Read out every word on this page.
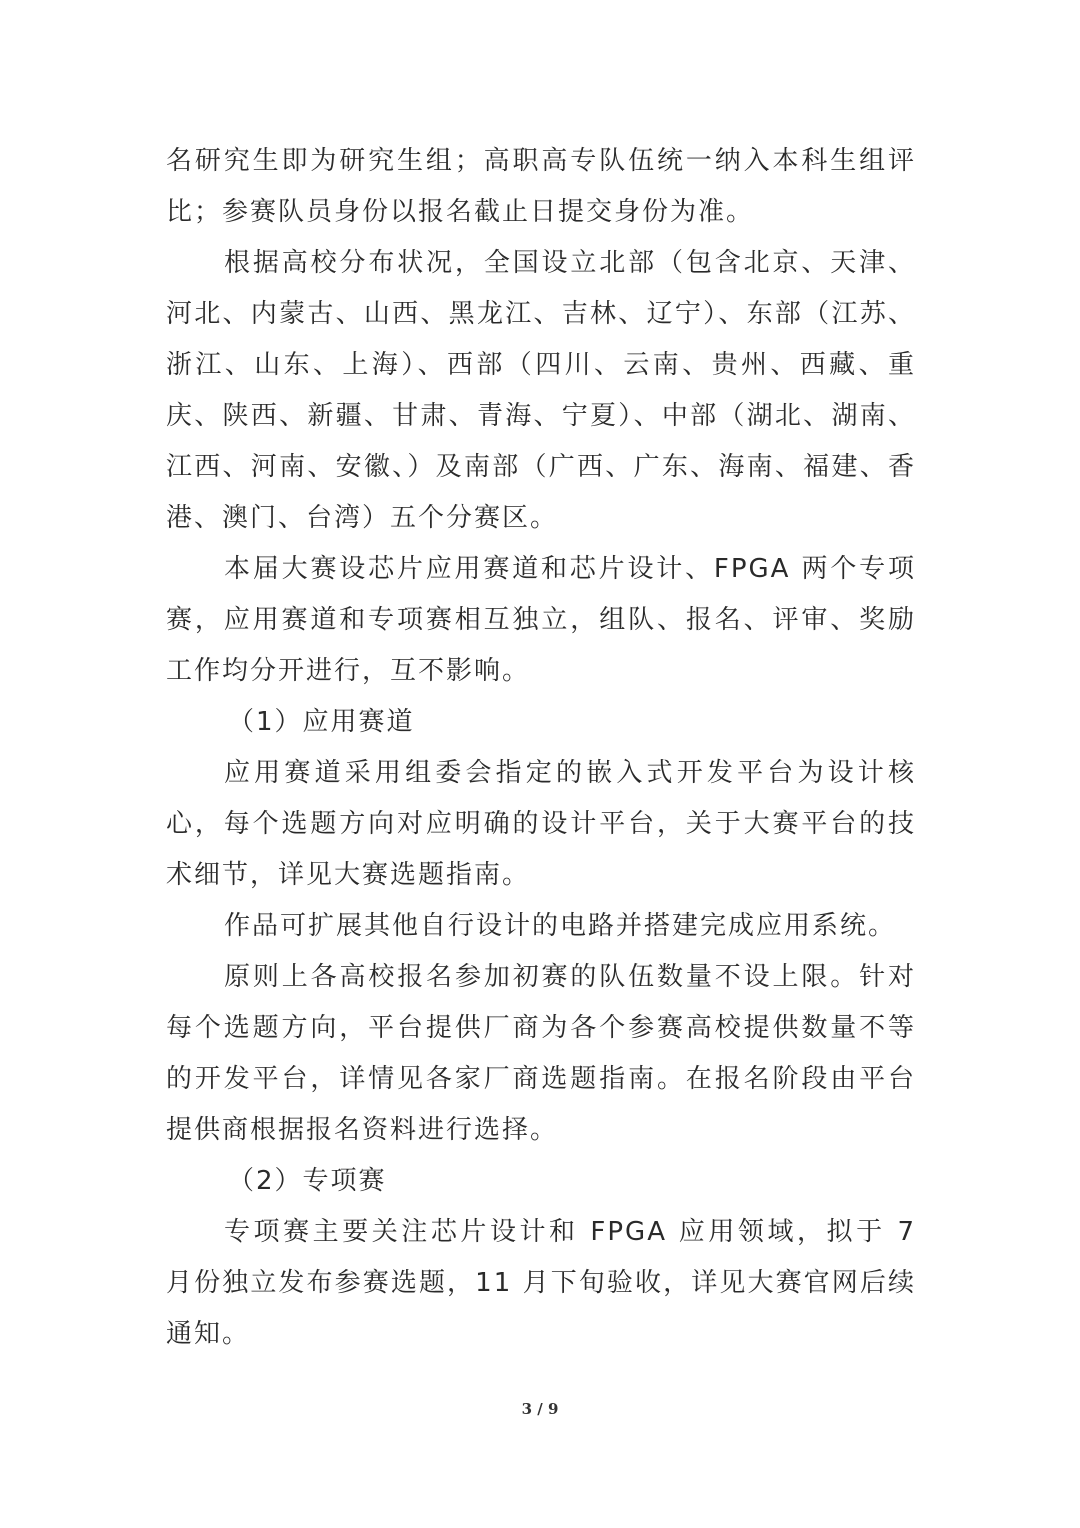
名研究生即为研究生组；高职高专队伍统一纳入本科生组评比；参赛队员身份以报名截止日提交身份为准。

根据高校分布状况，全国设立北部（包含北京、天津、河北、内蒙古、山西、黑龙江、吉林、辽宁）、东部（江苏、浙江、山东、上海）、西部（四川、云南、贵州、西藏、重庆、陕西、新疆、甘肃、青海、宁夏）、中部（湖北、湖南、江西、河南、安徽、）及南部（广西、广东、海南、福建、香港、澳门、台湾）五个分赛区。

本届大赛设芯片应用赛道和芯片设计、FPGA 两个专项赛，应用赛道和专项赛相互独立，组队、报名、评审、奖励工作均分开进行，互不影响。

（1）应用赛道

应用赛道采用组委会指定的嵌入式开发平台为设计核心，每个选题方向对应明确的设计平台，关于大赛平台的技术细节，详见大赛选题指南。

作品可扩展其他自行设计的电路并搭建完成应用系统。

原则上各高校报名参加初赛的队伍数量不设上限。针对每个选题方向，平台提供厂商为各个参赛高校提供数量不等的开发平台，详情见各家厂商选题指南。在报名阶段由平台提供商根据报名资料进行选择。

（2）专项赛

专项赛主要关注芯片设计和 FPGA 应用领域，拟于 7 月份独立发布参赛选题，11 月下旬验收，详见大赛官网后续通知。

3 / 9
